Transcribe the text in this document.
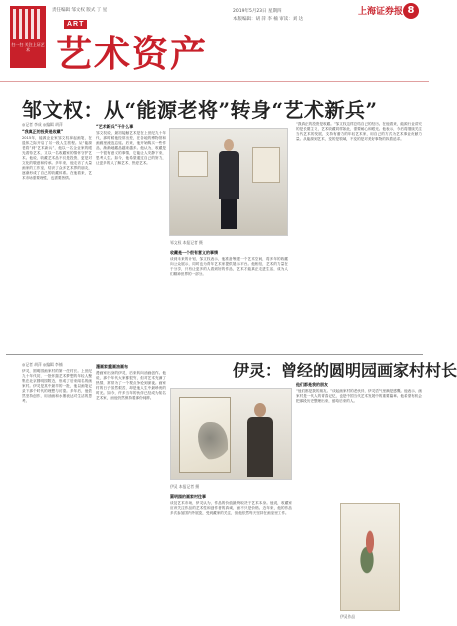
扫一扫 关注上证艺术
责任编辑 邹文权 版式 丁 星
ART
艺术资产
2019年5月23日 星期四
本版编辑：胡 萍 李 楠 审读：刘 达
上海证券报 8
邹文权：从“能源老将”转身“艺术新兵”
◎记者 李成 ◎编辑 胡萍
“我真正的投资是收藏”

2015年，能源企业家邹文权拿起画笔，在退休之际开启了另一段人生旅程。从“能源老将”到“艺术新兵”，他以一名企业家的眼光看待艺术，又以一名收藏家的情怀守护艺术。他说，收藏艺术品不仅是投资，更是对文化的敬意和传承。多年来，他走访了大量画家的工作室，结识了众多艺术界的朋友，逐渐形成了自己的收藏体系。在他看来，艺术市场需要理性，也需要热情。

“艺术新兵”干什么事

邹文权说，最初接触艺术是在上世纪九十年代，那时候他经常出差，在各地的博物馆和画廊里流连忘返。后来，他开始购买一些作品，渐渐地藏品越来越多。他认为，收藏是一个很有意义的事情，它能让人安静下来，思考人生。如今，他希望通过自己的努力，让更多的人了解艺术、热爱艺术。

邹文权 本报记者 摄
收藏是一个很有意义的事情

谈到未来的计划，邹文权表示，他准备筹建一个艺术空间，将多年的收藏向公众展示，同时也为青年艺术家提供展示平台。他相信，艺术的力量在于分享，只有让更多的人看到好的作品，艺术才能真正走进生活，成为人们精神世界的一部分。

“我真正的投资是收藏。”邹文权这样总结自己的经历。在他看来，能源行业讲究的是长期主义，艺术收藏同样如此，需要耐心和眼光。他表示，今后将继续关注当代艺术的发展，支持有潜力的年轻艺术家，用自己的方式为艺术事业贡献力量。从能源到艺术，变的是领域，不变的是对美好事物的执着追求。

伊灵：曾经的圆明园画家村村长
◎记者 胡萍 ◎编辑 李楠

伊灵，圆明园画家村的第一任村长。上世纪九十年代初，一批怀揣艺术梦想的年轻人聚集在北京圆明园附近，形成了后来闻名的画家村。伊灵是其中最早的一批，他以画笔记录下那个时代的理想与彷徨。多年后，他依然坚持创作，用油画和水墨表达对生活的思考。

漫画家重画油画布

漫画家出身的伊灵，后来转向油画创作。他说，那个年代大家都很穷，但对艺术充满了热情，常常为了一个观点争论到深夜。画家村的日子虽然艰苦，却是他人生中最珍贵的时光。如今，许多当年的伙伴已经成为知名艺术家，而他仍然保持着那份纯粹。

伊灵 本报记者 摄
圆明园的画家村往事

谈及艺术市场，伊灵认为，作品的价值最终取决于艺术本身。他说，收藏家应该关注作品的艺术性和创作者的真诚，而不只是价格。近年来，他的作品多次参加国内外展览，受到藏家的关注，但他依然每天坚持在画室里工作。

他们都是我的朋友

“他们都是我的朋友。”谈起画家村的老伙伴，伊灵语气里满是感慨。他表示，画家村是一代人的青春记忆，也是中国当代艺术发展中的重要篇章。他希望有机会把那段历史整理出来，留给后来的人。

伊灵作品
